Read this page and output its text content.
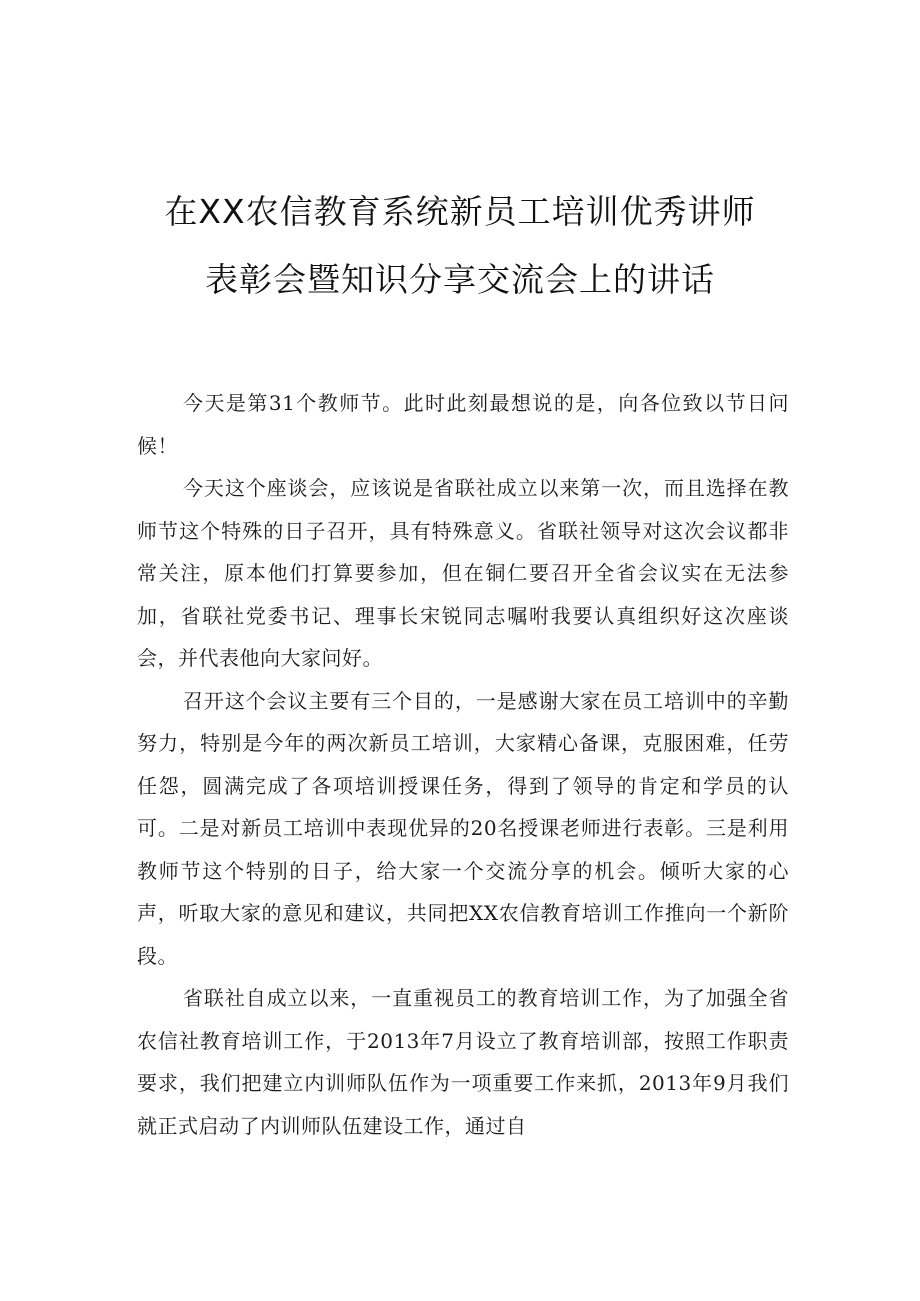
在XX农信教育系统新员工培训优秀讲师
表彰会暨知识分享交流会上的讲话

今天是第31个教师节。此时此刻最想说的是，向各位致以节日问候！

今天这个座谈会，应该说是省联社成立以来第一次，而且选择在教师节这个特殊的日子召开，具有特殊意义。省联社领导对这次会议都非常关注，原本他们打算要参加，但在铜仁要召开全省会议实在无法参加，省联社党委书记、理事长宋锐同志嘱咐我要认真组织好这次座谈会，并代表他向大家问好。

召开这个会议主要有三个目的，一是感谢大家在员工培训中的辛勤努力，特别是今年的两次新员工培训，大家精心备课，克服困难，任劳任怨，圆满完成了各项培训授课任务，得到了领导的肯定和学员的认可。二是对新员工培训中表现优异的20名授课老师进行表彰。三是利用教师节这个特别的日子，给大家一个交流分享的机会。倾听大家的心声，听取大家的意见和建议，共同把XX农信教育培训工作推向一个新阶段。

省联社自成立以来，一直重视员工的教育培训工作，为了加强全省农信社教育培训工作，于2013年7月设立了教育培训部，按照工作职责要求，我们把建立内训师队伍作为一项重要工作来抓，2013年9月我们就正式启动了内训师队伍建设工作，通过自
